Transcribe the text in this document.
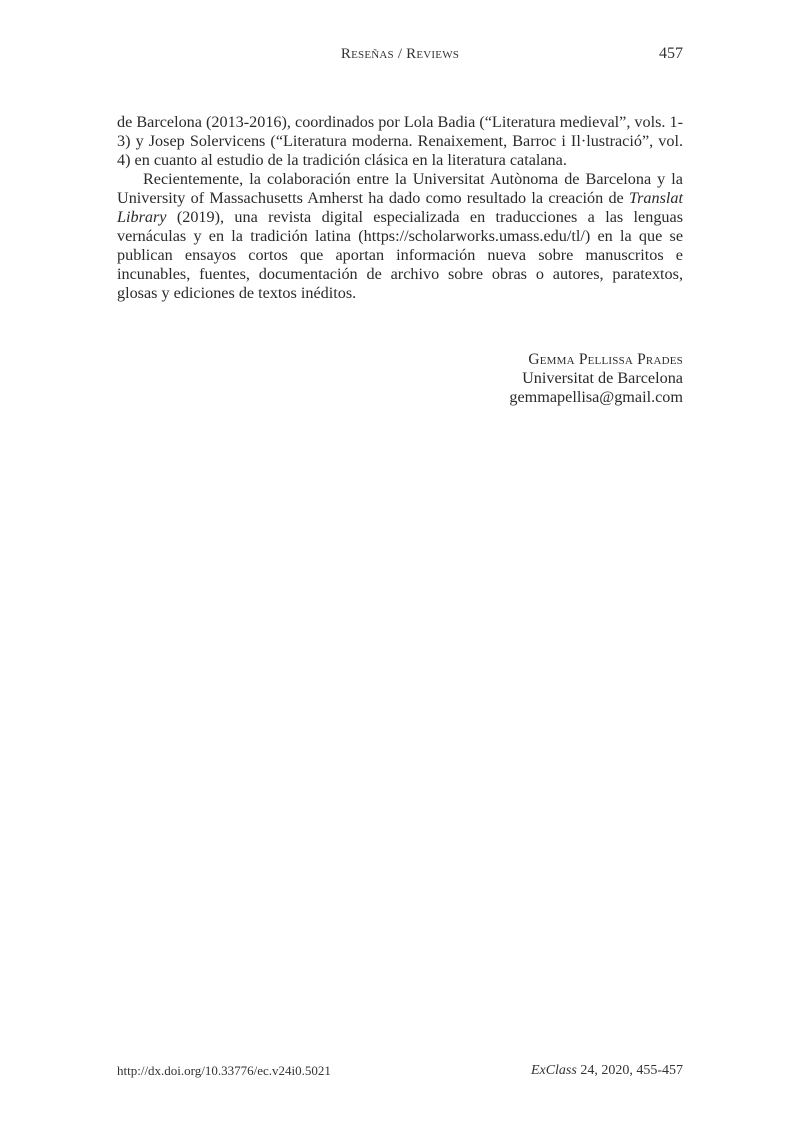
Reseñas / Reviews	457

de Barcelona (2013-2016), coordinados por Lola Badia (“Literatura medieval”, vols. 1-3) y Josep Solervicens (“Literatura moderna. Renaixement, Barroc i Il·lustració”, vol. 4) en cuanto al estudio de la tradición clásica en la literatura catalana.

Recientemente, la colaboración entre la Universitat Autònoma de Barcelona y la University of Massachusetts Amherst ha dado como resultado la creación de Translat Library (2019), una revista digital especializada en traducciones a las lenguas vernáculas y en la tradición latina (https://scholarworks.umass.edu/tl/) en la que se publican ensayos cortos que aportan información nueva sobre manuscritos e incunables, fuentes, documentación de archivo sobre obras o autores, paratextos, glosas y ediciones de textos inéditos.

Gemma Pellissa Prades
Universitat de Barcelona
gemmapellisa@gmail.com
http://dx.doi.org/10.33776/ec.v24i0.5021	ExClass 24, 2020, 455-457
